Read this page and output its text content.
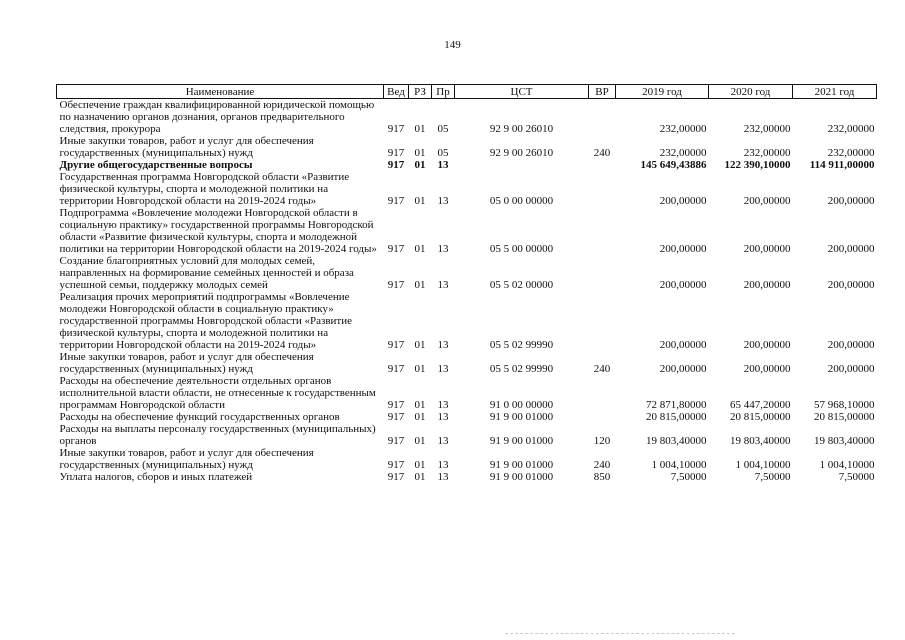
149
Наименование	Вед	РЗ	Пр	ЦСТ	ВР	2019 год	2020 год	2021 год
Обеспечение граждан квалифицированной юридической помощью по назначению органов дознания, органов предварительного следствия, прокурора	917	01	05	92 9 00 26010		232,00000	232,00000	232,00000
Иные закупки товаров, работ и услуг для обеспечения государственных (муниципальных) нужд	917	01	05	92 9 00 26010	240	232,00000	232,00000	232,00000
Другие общегосударственные вопросы	917	01	13			145 649,43886	122 390,10000	114 911,00000
Государственная программа Новгородской области «Развитие физической культуры, спорта и молодежной политики на территории Новгородской области на 2019-2024 годы»	917	01	13	05 0 00 00000		200,00000	200,00000	200,00000
Подпрограмма «Вовлечение молодежи Новгородской области в социальную практику» государственной программы Новгородской области «Развитие физической культуры, спорта и молодежной политики на территории Новгородской области на 2019-2024 годы»	917	01	13	05 5 00 00000		200,00000	200,00000	200,00000
Создание благоприятных условий для молодых семей, направленных на формирование семейных ценностей и образа успешной семьи, поддержку молодых семей	917	01	13	05 5 02 00000		200,00000	200,00000	200,00000
Реализация прочих мероприятий подпрограммы «Вовлечение молодежи Новгородской области в социальную практику» государственной программы Новгородской области «Развитие физической культуры, спорта и молодежной политики на территории Новгородской области на 2019-2024 годы»	917	01	13	05 5 02 99990		200,00000	200,00000	200,00000
Иные закупки товаров, работ и услуг для обеспечения государственных (муниципальных) нужд	917	01	13	05 5 02 99990	240	200,00000	200,00000	200,00000
Расходы на обеспечение деятельности отдельных органов исполнительной власти области, не отнесенные к государственным программам Новгородской области	917	01	13	91 0 00 00000		72 871,80000	65 447,20000	57 968,10000
Расходы на обеспечение функций государственных органов	917	01	13	91 9 00 01000		20 815,00000	20 815,00000	20 815,00000
Расходы на выплаты персоналу государственных (муниципальных) органов	917	01	13	91 9 00 01000	120	19 803,40000	19 803,40000	19 803,40000
Иные закупки товаров, работ и услуг для обеспечения государственных (муниципальных) нужд	917	01	13	91 9 00 01000	240	1 004,10000	1 004,10000	1 004,10000
Уплата налогов, сборов и иных платежей	917	01	13	91 9 00 01000	850	7,50000	7,50000	7,50000
